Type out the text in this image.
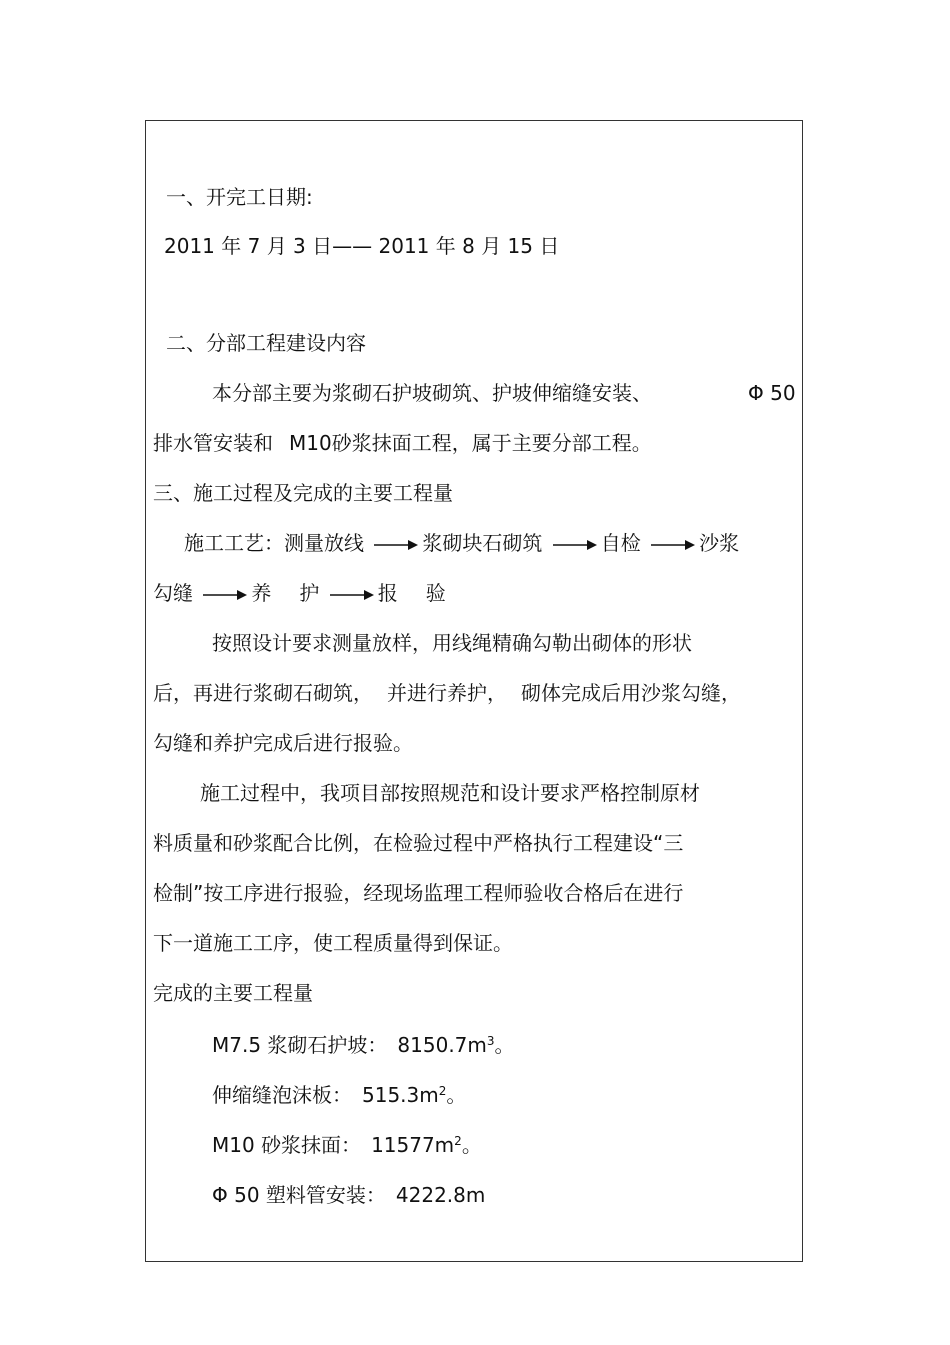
一、开完工日期:
2011 年 7 月 3 日—— 2011 年 8 月 15 日
二、分部工程建设内容
本分部主要为浆砌石护坡砌筑、护坡伸缩缝安装、	Φ 50
排水管安装和 M10砂浆抹面工程，属于主要分部工程。
三、施工过程及完成的主要工程量
施工工艺：测量放线	浆砌块石砌筑	自检	沙浆
勾缝	养 护	报 验
按照设计要求测量放样，用线绳精确勾勒出砌体的形状
后，再进行浆砌石砌筑， 并进行养护， 砌体完成后用沙浆勾缝，
勾缝和养护完成后进行报验。
施工过程中，我项目部按照规范和设计要求严格控制原材
料质量和砂浆配合比例，在检验过程中严格执行工程建设“三
检制”按工序进行报验，经现场监理工程师验收合格后在进行
下一道施工工序，使工程质量得到保证。
完成的主要工程量
M7.5 浆砌石护坡： $8150.7m^3$。
伸缩缝泡沫板： $515.3m^2$。
M10 砂浆抹面： $11577m^2$。
Φ 50 塑料管安装： 4222.8m
